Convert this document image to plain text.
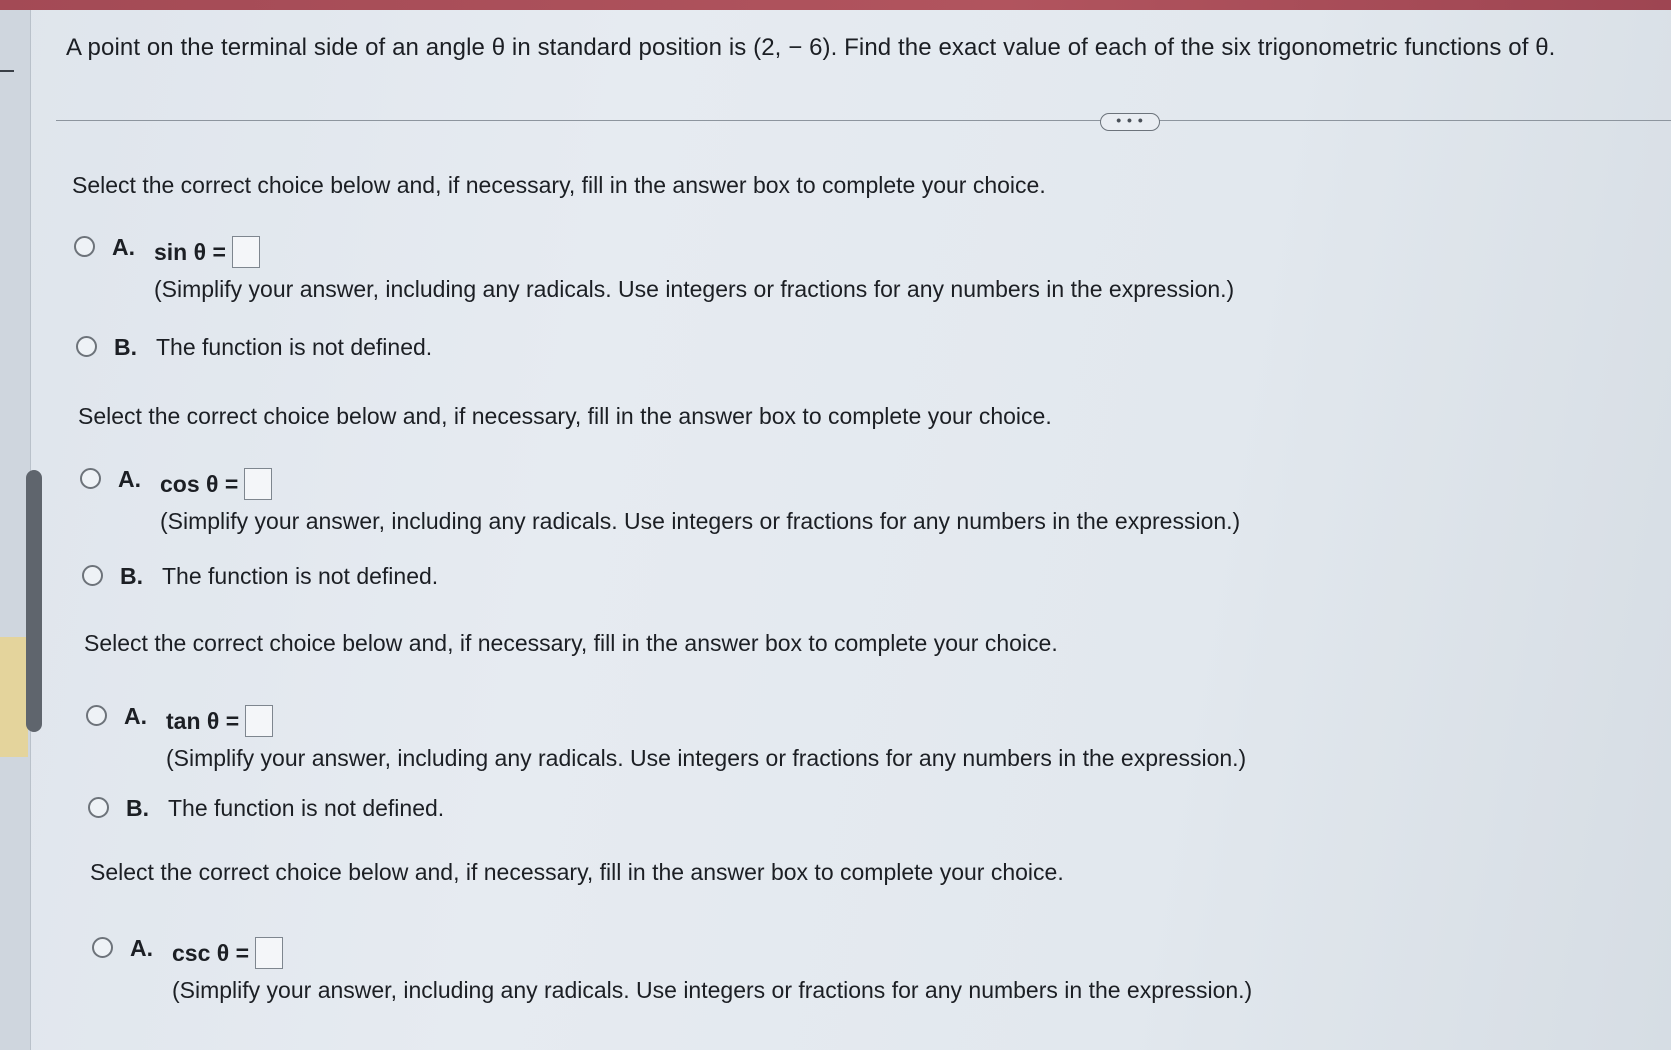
A point on the terminal side of an angle θ in standard position is (2, − 6). Find the exact value of each of the six trigonometric functions of θ.
• • •
Select the correct choice below and, if necessary, fill in the answer box to complete your choice.
A. sin θ =
(Simplify your answer, including any radicals. Use integers or fractions for any numbers in the expression.)
B. The function is not defined.
Select the correct choice below and, if necessary, fill in the answer box to complete your choice.
A. cos θ =
(Simplify your answer, including any radicals. Use integers or fractions for any numbers in the expression.)
B. The function is not defined.
Select the correct choice below and, if necessary, fill in the answer box to complete your choice.
A. tan θ =
(Simplify your answer, including any radicals. Use integers or fractions for any numbers in the expression.)
B. The function is not defined.
Select the correct choice below and, if necessary, fill in the answer box to complete your choice.
A. csc θ =
(Simplify your answer, including any radicals. Use integers or fractions for any numbers in the expression.)
